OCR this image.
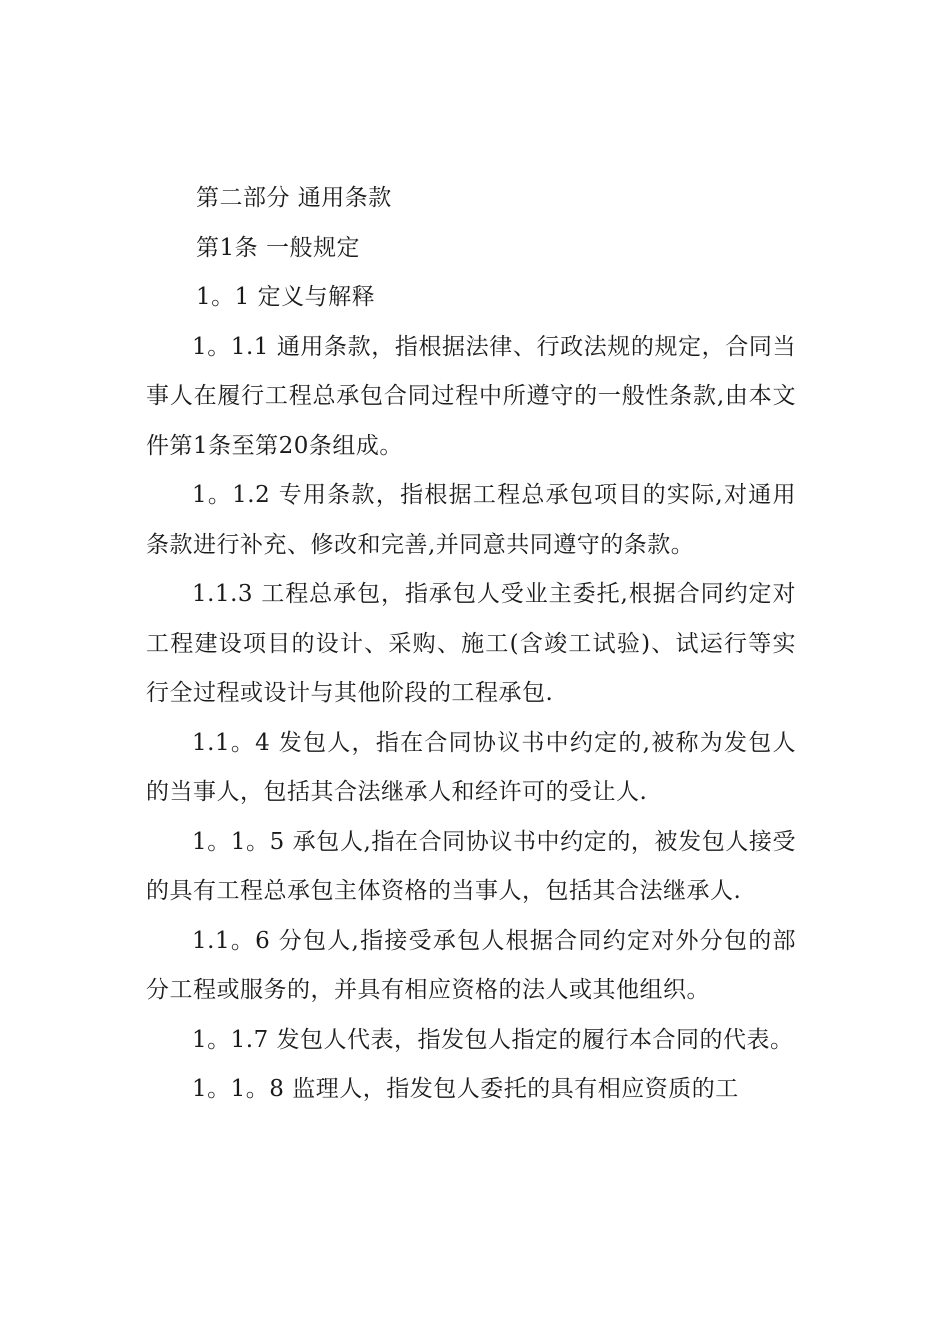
第二部分 通用条款

第1条 一般规定

1。1 定义与解释

1。1.1 通用条款，指根据法律、行政法规的规定，合同当事人在履行工程总承包合同过程中所遵守的一般性条款,由本文件第1条至第20条组成。

1。1.2 专用条款，指根据工程总承包项目的实际,对通用条款进行补充、修改和完善,并同意共同遵守的条款。

1.1.3 工程总承包，指承包人受业主委托,根据合同约定对工程建设项目的设计、采购、施工(含竣工试验)、试运行等实行全过程或设计与其他阶段的工程承包.

1.1。4 发包人，指在合同协议书中约定的,被称为发包人的当事人，包括其合法继承人和经许可的受让人.

1。1。5 承包人,指在合同协议书中约定的，被发包人接受的具有工程总承包主体资格的当事人，包括其合法继承人.

1.1。6 分包人,指接受承包人根据合同约定对外分包的部分工程或服务的，并具有相应资格的法人或其他组织。

1。1.7 发包人代表，指发包人指定的履行本合同的代表。

1。1。8 监理人，指发包人委托的具有相应资质的工
